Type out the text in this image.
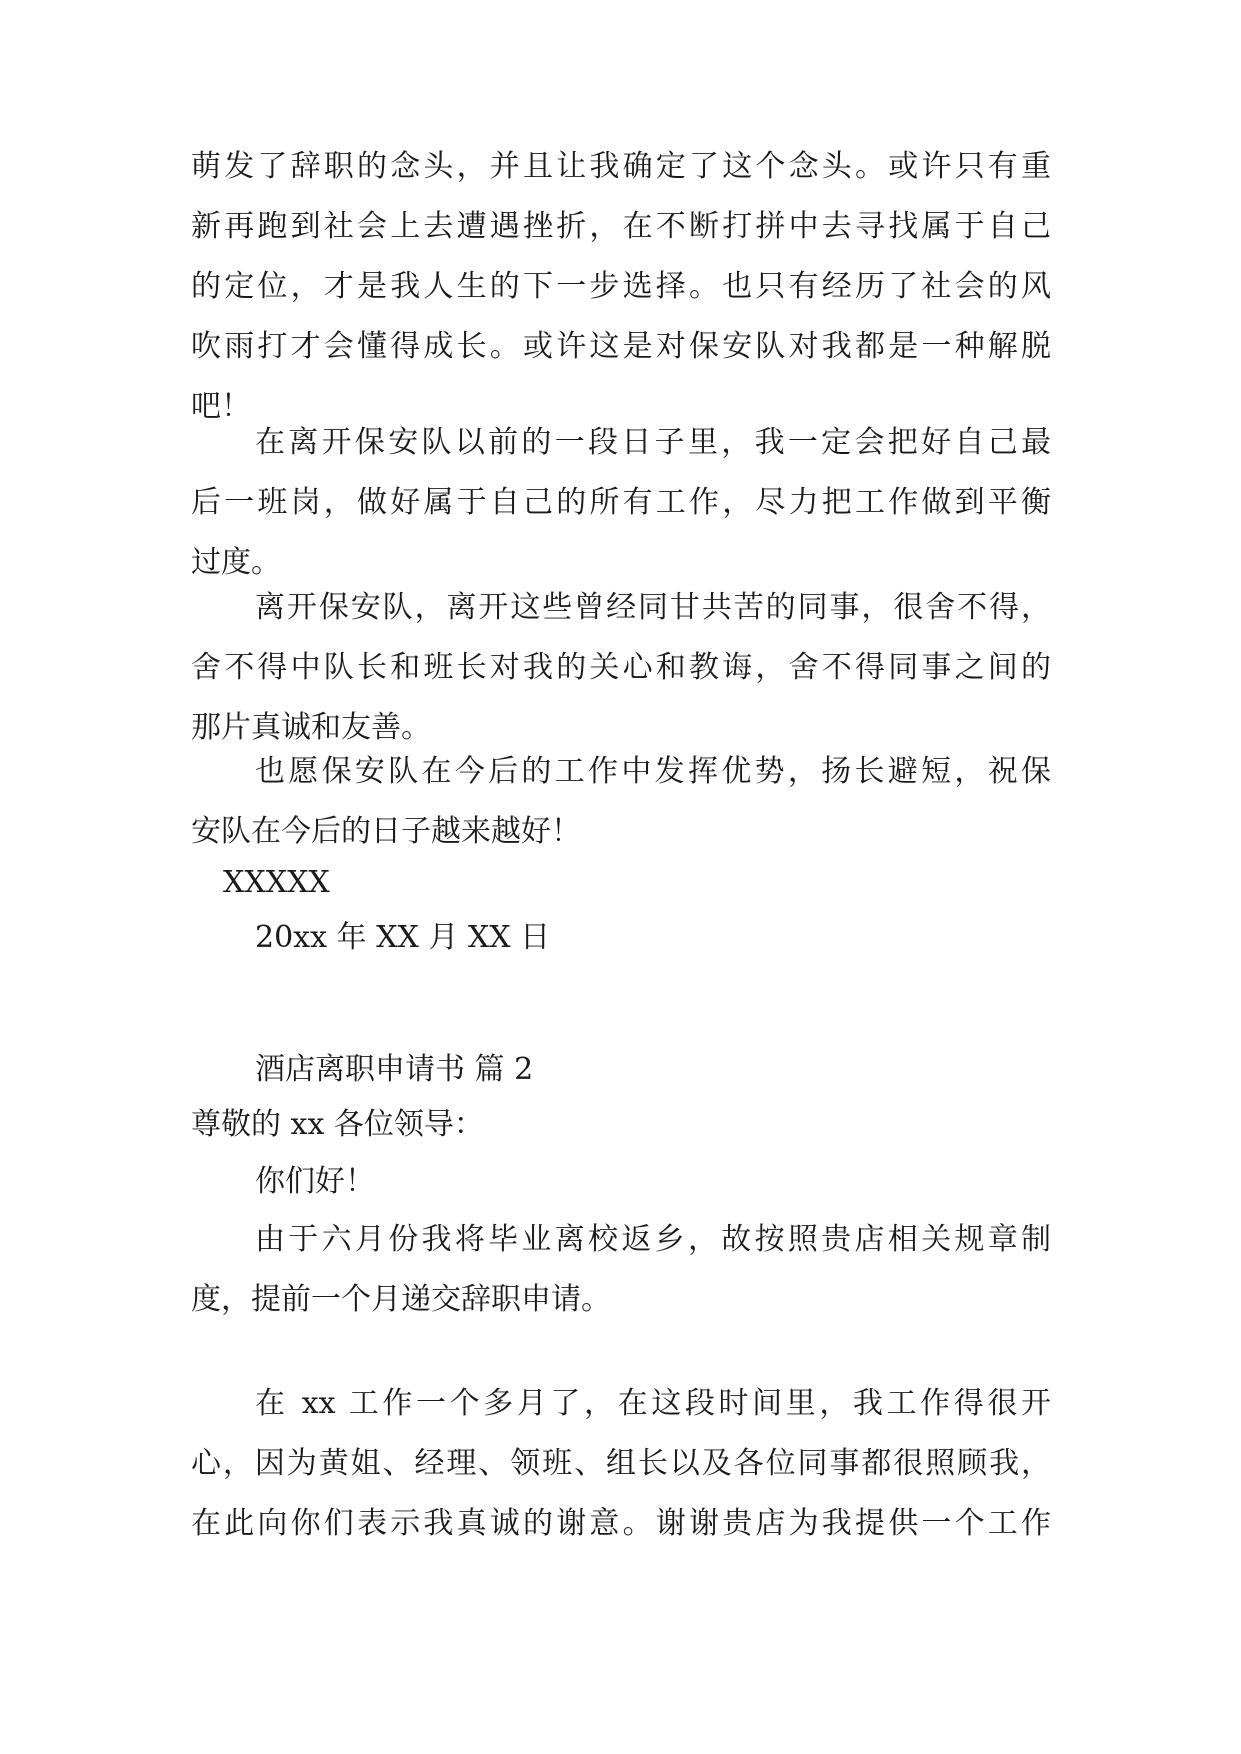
萌发了辞职的念头，并且让我确定了这个念头。或许只有重
新再跑到社会上去遭遇挫折，在不断打拼中去寻找属于自己
的定位，才是我人生的下一步选择。也只有经历了社会的风
吹雨打才会懂得成长。或许这是对保安队对我都是一种解脱
吧！
在离开保安队以前的一段日子里，我一定会把好自己最
后一班岗，做好属于自己的所有工作，尽力把工作做到平衡
过度。
离开保安队，离开这些曾经同甘共苦的同事，很舍不得，
舍不得中队长和班长对我的关心和教诲，舍不得同事之间的
那片真诚和友善。
也愿保安队在今后的工作中发挥优势，扬长避短，祝保
安队在今后的日子越来越好！
XXXXX
20xx 年 XX 月 XX 日
酒店离职申请书 篇 2
尊敬的 xx 各位领导：
你们好！
由于六月份我将毕业离校返乡，故按照贵店相关规章制
度，提前一个月递交辞职申请。
在 xx 工作一个多月了，在这段时间里，我工作得很开
心，因为黄姐、经理、领班、组长以及各位同事都很照顾我，
在此向你们表示我真诚的谢意。谢谢贵店为我提供一个工作
